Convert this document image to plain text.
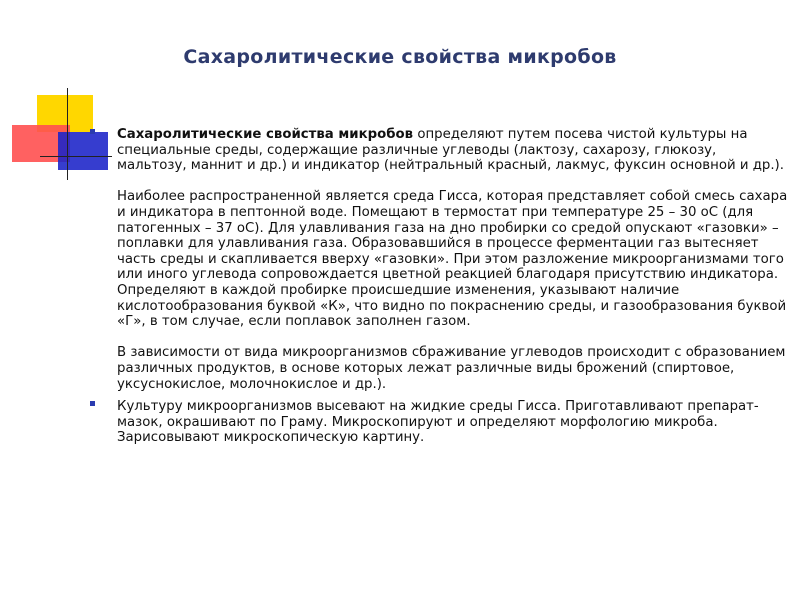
Сахаролитические свойства микробов

Сахаролитические свойства микробов определяют путем посева чистой культуры на специальные среды, содержащие различные углеводы (лактозу, сахарозу, глюкозу, мальтозу, маннит и др.) и индикатор (нейтральный красный, лакмус, фуксин основной и др.).

Наиболее распространенной является среда Гисса, которая представляет собой смесь сахара и индикатора в пептонной воде. Помещают в термостат при температуре 25 – 30 оС (для патогенных – 37 оС). Для улавливания газа на дно пробирки со средой опускают «газовки» – поплавки для улавливания газа. Образовавшийся в процессе ферментации газ вытесняет часть среды и скапливается вверху «газовки». При этом разложение микроорганизмами того или иного углевода сопровождается цветной реакцией благодаря присутствию индикатора.

Определяют в каждой пробирке происшедшие изменения, указывают наличие кислотообразования буквой «К», что видно по покраснению среды, и газообразования буквой «Г», в том случае, если поплавок заполнен газом.

В зависимости от вида микроорганизмов сбраживание углеводов происходит с образованием различных продуктов, в основе которых лежат различные виды брожений (спиртовое, уксуснокислое, молочнокислое и др.).

Культуру микроорганизмов высевают на жидкие среды Гисса. Приготавливают препарат-мазок, окрашивают по Граму. Микроскопируют и определяют морфологию микроба. Зарисовывают микроскопическую картину.
